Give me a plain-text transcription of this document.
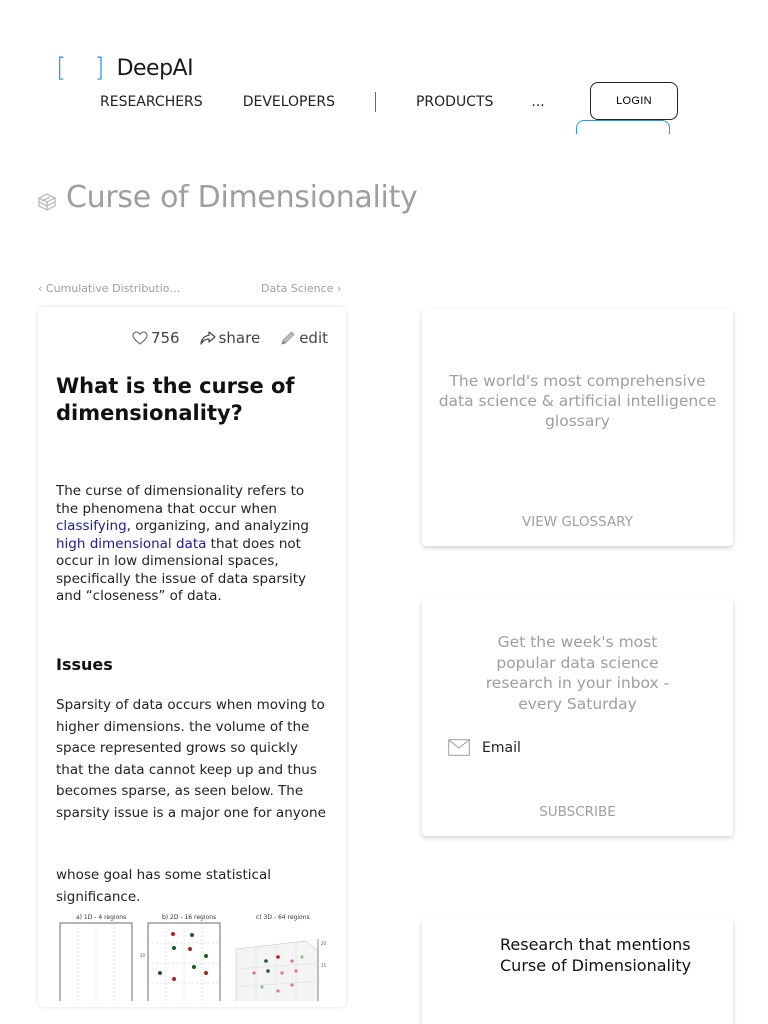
[ ] DeepAI
RESEARCHERS	DEVELOPERS	PRODUCTS	...	LOGIN
Curse of Dimensionality
‹ Cumulative Distributio…	Data Science ›
756	share	edit
What is the curse of dimensionality?

The curse of dimensionality refers to the phenomena that occur when classifying, organizing, and analyzing high dimensional data that does not occur in low dimensional spaces, specifically the issue of data sparsity and “closeness” of data.

Issues

Sparsity of data occurs when moving to higher dimensions. the volume of the space represented grows so quickly that the data cannot keep up and thus becomes sparse, as seen below. The sparsity issue is a major one for anyone

whose goal has some statistical significance.

a) 1D - 4 regions	b) 2D - 16 regions	c) 3D - 64 regions
20
20
15

The world's most comprehensive data science & artificial intelligence glossary

VIEW GLOSSARY

Get the week's most popular data science research in your inbox - every Saturday

Email
SUBSCRIBE

Research that mentions Curse of Dimensionality
